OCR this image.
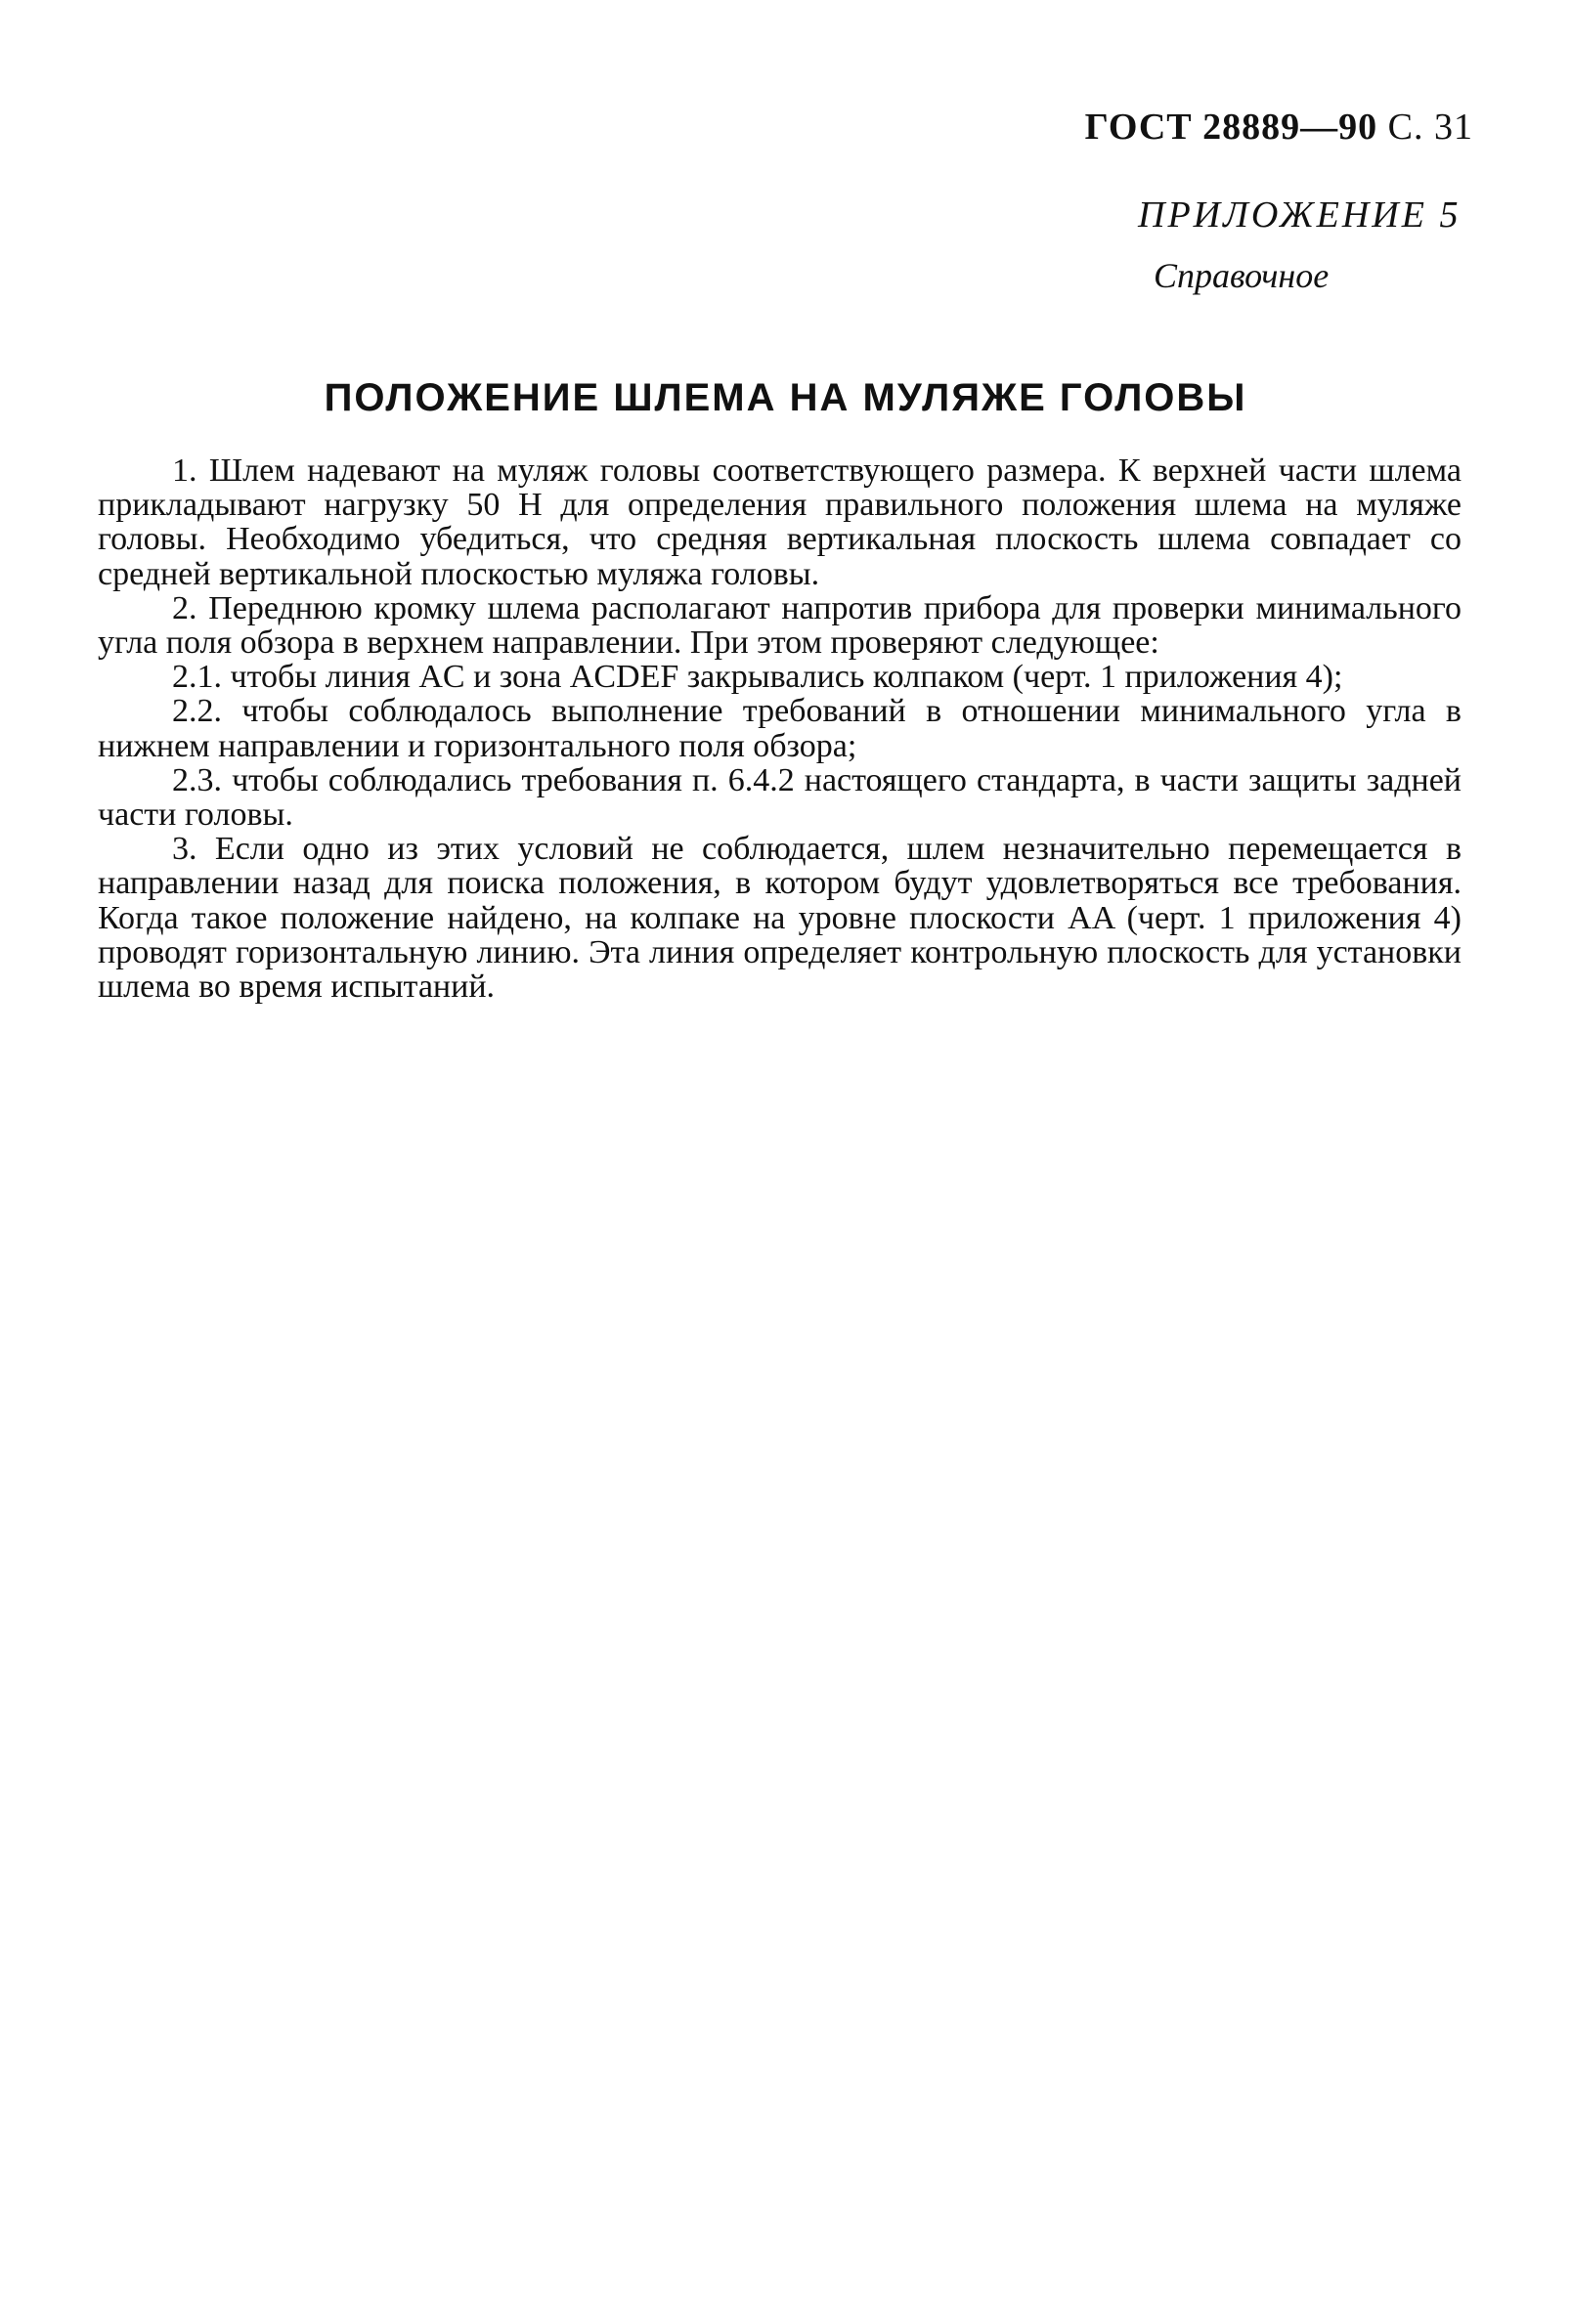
ГОСТ 28889—90 С. 31
ПРИЛОЖЕНИЕ 5
Справочное
ПОЛОЖЕНИЕ ШЛЕМА НА МУЛЯЖЕ ГОЛОВЫ

1. Шлем надевают на муляж головы соответствующего размера. К верхней части шлема прикладывают нагрузку 50 Н для определения правильного положения шлема на муляже головы. Необходимо убедиться, что средняя вертикальная плоскость шлема совпадает со средней вертикальной плоскостью муляжа головы.

2. Переднюю кромку шлема располагают напротив прибора для проверки минимального угла поля обзора в верхнем направлении. При этом проверяют следующее:

2.1. чтобы линия AC и зона ACDEF закрывались колпаком (черт. 1 приложения 4);

2.2. чтобы соблюдалось выполнение требований в отношении минимального угла в нижнем направлении и горизонтального поля обзора;

2.3. чтобы соблюдались требования п. 6.4.2 настоящего стандарта, в части защиты задней части головы.

3. Если одно из этих условий не соблюдается, шлем незначительно перемещается в направлении назад для поиска положения, в котором будут удовлетворяться все требования. Когда такое положение найдено, на колпаке на уровне плоскости AA (черт. 1 приложения 4) проводят горизонтальную линию. Эта линия определяет контрольную плоскость для установки шлема во время испытаний.
